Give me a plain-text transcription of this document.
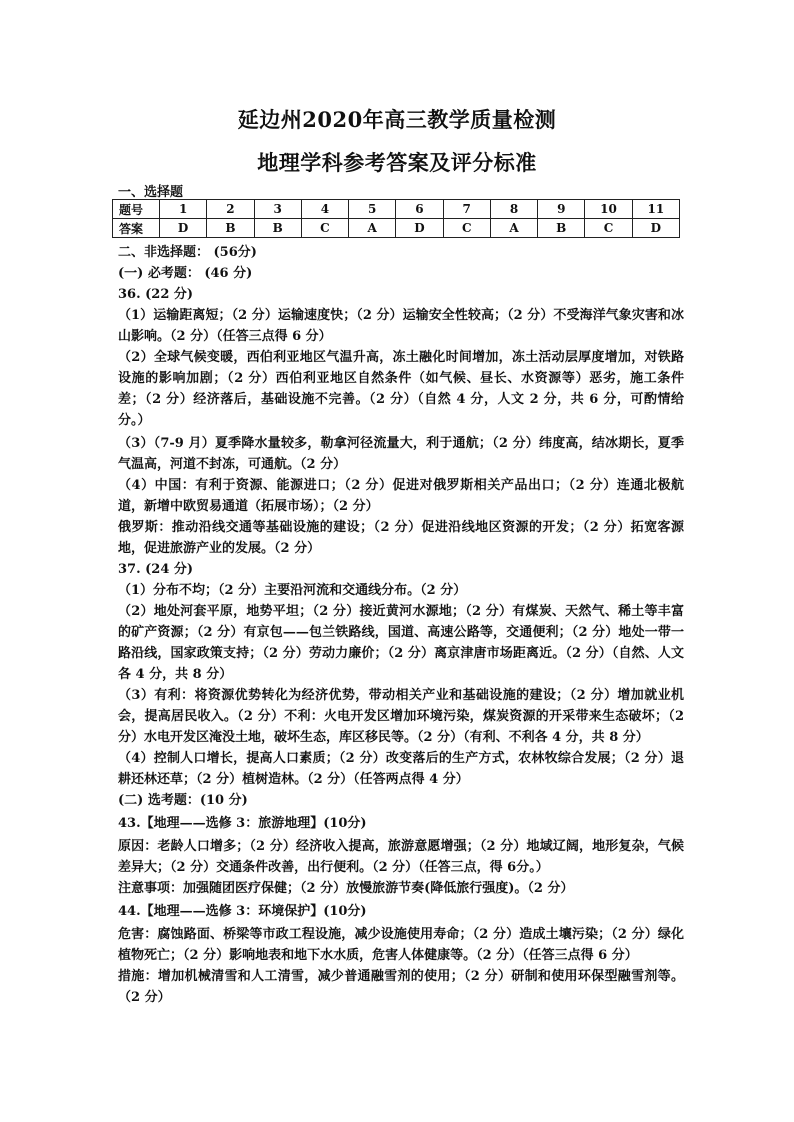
延边州2020年高三教学质量检测
地理学科参考答案及评分标准
一、选择题
题号	1	2	3	4	5	6	7	8	9	10	11
答案	D	B	B	C	A	D	C	A	B	C	D

二、非选择题： (56分)

(一) 必考题： (46 分)

36. (22 分)

（1）运输距离短；（2 分）运输速度快；（2 分）运输安全性较高；（2 分）不受海洋气象灾害和冰山影响。（2 分）（任答三点得 6 分）

（2）全球气候变暖，西伯利亚地区气温升高，冻土融化时间增加，冻土活动层厚度增加，对铁路设施的影响加剧；（2 分）西伯利亚地区自然条件（如气候、昼长、水资源等）恶劣，施工条件差；（2 分）经济落后，基础设施不完善。（2 分）（自然 4 分，人文 2 分，共 6 分，可酌情给分。）

（3）（7-9 月）夏季降水量较多，勒拿河径流量大，利于通航；（2 分）纬度高，结冰期长，夏季气温高，河道不封冻，可通航。（2 分）

（4）中国：有利于资源、能源进口；（2 分）促进对俄罗斯相关产品出口；（2 分）连通北极航道，新增中欧贸易通道（拓展市场）；（2 分）

俄罗斯：推动沿线交通等基础设施的建设；（2 分）促进沿线地区资源的开发；（2 分）拓宽客源地，促进旅游产业的发展。（2 分）

37. (24 分)

（1）分布不均；（2 分）主要沿河流和交通线分布。（2 分）

（2）地处河套平原，地势平坦；（2 分）接近黄河水源地；（2 分）有煤炭、天然气、稀土等丰富的矿产资源；（2 分）有京包——包兰铁路线，国道、高速公路等，交通便利；（2 分）地处一带一路沿线，国家政策支持；（2 分）劳动力廉价；（2 分）离京津唐市场距离近。（2 分）（自然、人文各 4 分，共 8 分）

（3）有利：将资源优势转化为经济优势，带动相关产业和基础设施的建设；（2 分）增加就业机会，提高居民收入。（2 分）不利：火电开发区增加环境污染，煤炭资源的开采带来生态破坏；（2 分）水电开发区淹没土地，破坏生态，库区移民等。（2 分）（有利、不利各 4 分，共 8 分）

（4）控制人口增长，提高人口素质；（2 分）改变落后的生产方式，农林牧综合发展；（2 分）退耕还林还草；（2 分）植树造林。（2 分）（任答两点得 4 分）

(二) 选考题：(10 分)

43.【地理——选修 3：旅游地理】(10分)

原因：老龄人口增多；（2 分）经济收入提高，旅游意愿增强；（2 分）地域辽阔，地形复杂，气候差异大；（2 分）交通条件改善，出行便利。（2 分）（任答三点，得 6分。）

注意事项：加强随团医疗保健；（2 分）放慢旅游节奏(降低旅行强度)。（2 分）

44.【地理——选修 3：环境保护】(10分)

危害：腐蚀路面、桥梁等市政工程设施，减少设施使用寿命；（2 分）造成土壤污染；（2 分）绿化植物死亡；（2 分）影响地表和地下水水质，危害人体健康等。（2 分）（任答三点得 6 分）

措施：增加机械清雪和人工清雪，减少普通融雪剂的使用；（2 分）研制和使用环保型融雪剂等。（2 分）
